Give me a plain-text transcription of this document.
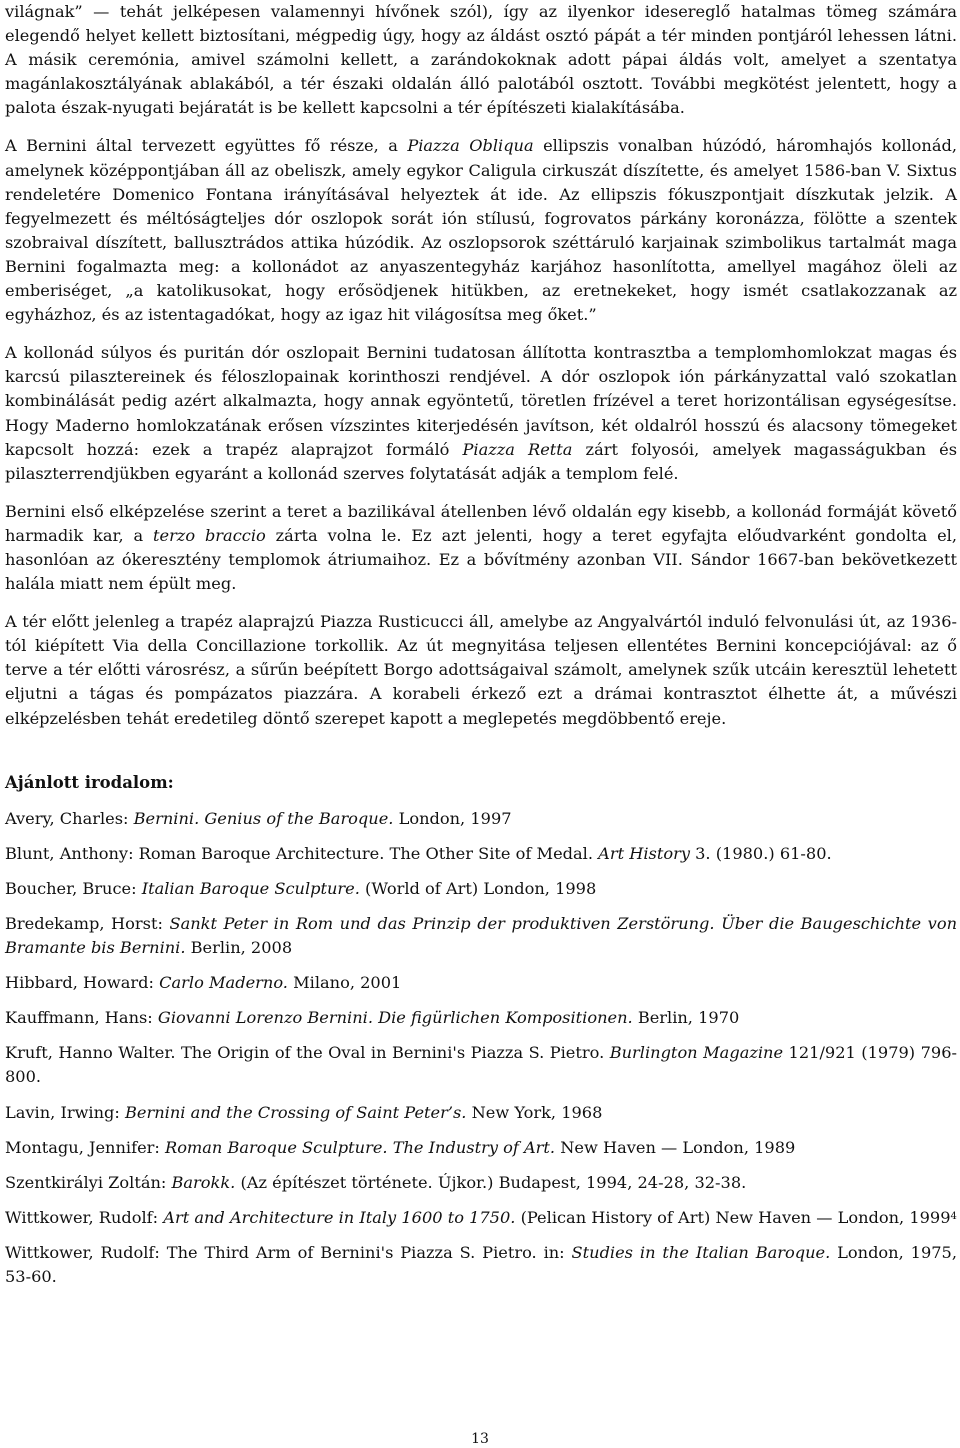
világnak” — tehát jelképesen valamennyi hívőnek szól), így az ilyenkor idesereglő hatalmas tömeg számára elegendő helyet kellett biztosítani, mégpedig úgy, hogy az áldást osztó pápát a tér minden pontjáról lehessen látni. A másik ceremónia, amivel számolni kellett, a zarándokoknak adott pápai áldás volt, amelyet a szentatya magánlakosztályának ablakából, a tér északi oldalán álló palotából osztott. További megkötést jelentett, hogy a palota észak-nyugati bejáratát is be kellett kapcsolni a tér építészeti kialakításába.

A Bernini által tervezett együttes fő része, a Piazza Obliqua ellipszis vonalban húzódó, háromhajós kollonád, amelynek középpontjában áll az obeliszk, amely egykor Caligula cirkuszát díszítette, és amelyet 1586-ban V. Sixtus rendeletére Domenico Fontana irányításával helyeztek át ide. Az ellipszis fókuszpontjait díszkutak jelzik. A fegyelmezett és méltóságteljes dór oszlopok sorát ión stílusú, fogrovatos párkány koronázza, fölötte a szentek szobraival díszített, ballusztrádos attika húzódik. Az oszlopsorok széttáruló karjainak szimbolikus tartalmát maga Bernini fogalmazta meg: a kollonádot az anyaszentegyház karjához hasonlította, amellyel magához öleli az emberiséget, „a katolikusokat, hogy erősödjenek hitükben, az eretnekeket, hogy ismét csatlakozzanak az egyházhoz, és az istentagadókat, hogy az igaz hit világosítsa meg őket.”

A kollonád súlyos és puritán dór oszlopait Bernini tudatosan állította kontrasztba a templomhomlokzat magas és karcsú pilasztereinek és féloszlopainak korinthoszi rendjével. A dór oszlopok ión párkányzattal való szokatlan kombinálását pedig azért alkalmazta, hogy annak egyöntetű, töretlen frízével a teret horizontálisan egységesítse. Hogy Maderno homlokzatának erősen vízszintes kiterjedésén javítson, két oldalról hosszú és alacsony tömegeket kapcsolt hozzá: ezek a trapéz alaprajzot formáló Piazza Retta zárt folyosói, amelyek magasságukban és pilaszterrendjükben egyaránt a kollonád szerves folytatását adják a templom felé.

Bernini első elképzelése szerint a teret a bazilikával átellenben lévő oldalán egy kisebb, a kollonád formáját követő harmadik kar, a terzo braccio zárta volna le. Ez azt jelenti, hogy a teret egyfajta előudvarként gondolta el, hasonlóan az ókeresztény templomok átriumaihoz. Ez a bővítmény azonban VII. Sándor 1667-ban bekövetkezett halála miatt nem épült meg.

A tér előtt jelenleg a trapéz alaprajzú Piazza Rusticucci áll, amelybe az Angyalvártól induló felvonulási út, az 1936-tól kiépített Via della Concillazione torkollik. Az út megnyitása teljesen ellentétes Bernini koncepciójával: az ő terve a tér előtti városrész, a sűrűn beépített Borgo adottságaival számolt, amelynek szűk utcáin keresztül lehetett eljutni a tágas és pompázatos piazzára. A korabeli érkező ezt a drámai kontrasztot élhette át, a művészi elképzelésben tehát eredetileg döntő szerepet kapott a meglepetés megdöbbentő ereje.

Ajánlott irodalom:

Avery, Charles: Bernini. Genius of the Baroque. London, 1997

Blunt, Anthony: Roman Baroque Architecture. The Other Site of Medal. Art History 3. (1980.) 61-80.

Boucher, Bruce: Italian Baroque Sculpture. (World of Art) London, 1998

Bredekamp, Horst: Sankt Peter in Rom und das Prinzip der produktiven Zerstörung. Über die Baugeschichte von Bramante bis Bernini. Berlin, 2008

Hibbard, Howard: Carlo Maderno. Milano, 2001

Kauffmann, Hans: Giovanni Lorenzo Bernini. Die figürlichen Kompositionen. Berlin, 1970

Kruft, Hanno Walter. The Origin of the Oval in Bernini's Piazza S. Pietro. Burlington Magazine 121/921 (1979) 796-800.

Lavin, Irwing: Bernini and the Crossing of Saint Peter’s. New York, 1968

Montagu, Jennifer: Roman Baroque Sculpture. The Industry of Art. New Haven — London, 1989

Szentkirályi Zoltán: Barokk. (Az építészet története. Újkor.) Budapest, 1994, 24-28, 32-38.

Wittkower, Rudolf: Art and Architecture in Italy 1600 to 1750. (Pelican History of Art) New Haven — London, 1999$^4$

Wittkower, Rudolf: The Third Arm of Bernini's Piazza S. Pietro. in: Studies in the Italian Baroque. London, 1975, 53-60.

13
